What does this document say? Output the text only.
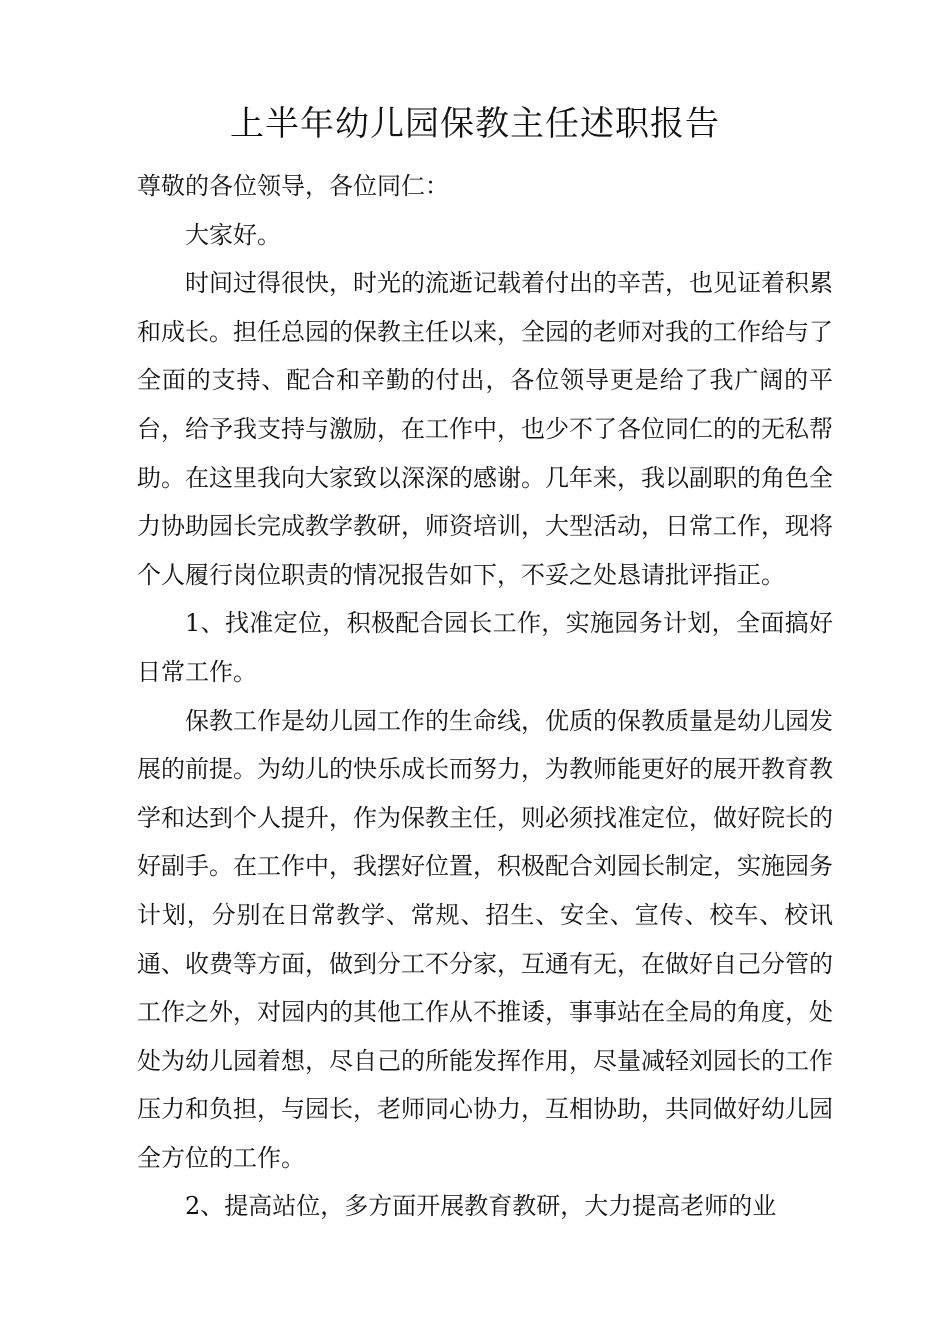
上半年幼儿园保教主任述职报告

尊敬的各位领导，各位同仁：

大家好。

时间过得很快，时光的流逝记载着付出的辛苦，也见证着积累和成长。担任总园的保教主任以来，全园的老师对我的工作给与了全面的支持、配合和辛勤的付出，各位领导更是给了我广阔的平台，给予我支持与激励，在工作中，也少不了各位同仁的的无私帮助。在这里我向大家致以深深的感谢。几年来，我以副职的角色全力协助园长完成教学教研，师资培训，大型活动，日常工作，现将个人履行岗位职责的情况报告如下，不妥之处恳请批评指正。

1、找准定位，积极配合园长工作，实施园务计划，全面搞好日常工作。

保教工作是幼儿园工作的生命线，优质的保教质量是幼儿园发展的前提。为幼儿的快乐成长而努力，为教师能更好的展开教育教学和达到个人提升，作为保教主任，则必须找准定位，做好院长的好副手。在工作中，我摆好位置，积极配合刘园长制定，实施园务计划，分别在日常教学、常规、招生、安全、宣传、校车、校讯通、收费等方面，做到分工不分家，互通有无，在做好自己分管的工作之外，对园内的其他工作从不推诿，事事站在全局的角度，处处为幼儿园着想，尽自己的所能发挥作用，尽量减轻刘园长的工作压力和负担，与园长，老师同心协力，互相协助，共同做好幼儿园全方位的工作。

2、提高站位，多方面开展教育教研，大力提高老师的业
